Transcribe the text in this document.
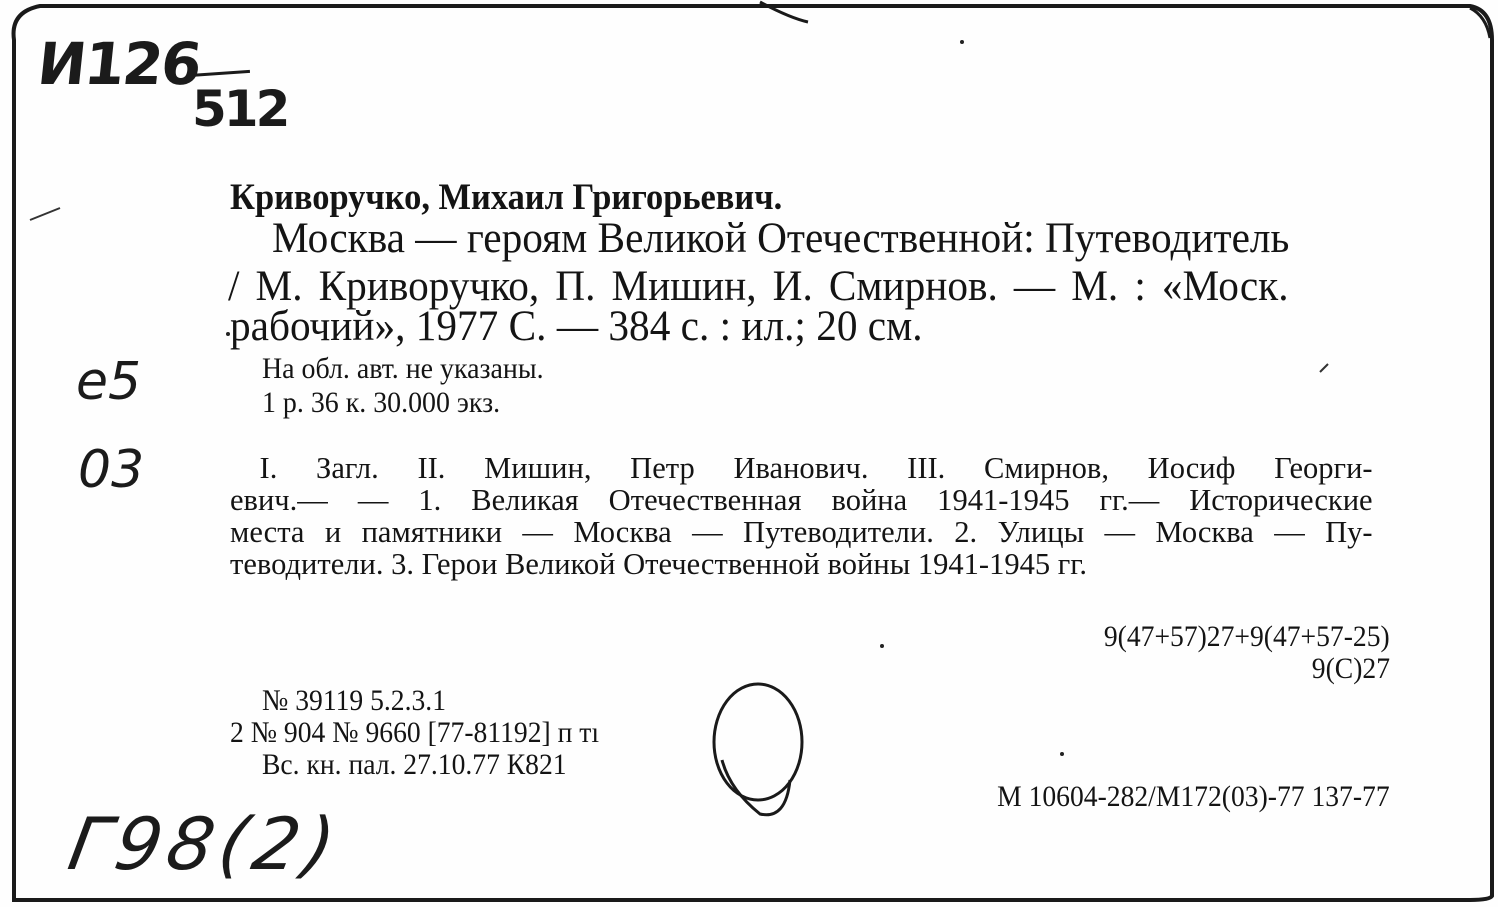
И126
512
е5
03
Г98(2)
Криворучко, Михаил Григорьевич.
Москва — героям Великой Отечественной: Путеводитель
/ М. Криворучко, П. Мишин, И. Смирнов. — М. : «Моск.
рабочий», 1977 С. — 384 с. : ил.; 20 см.
На обл. авт. не указаны.
1 р. 36 к. 30.000 экз.
I. Загл. II. Мишин, Петр Иванович. III. Смирнов, Иосиф Георги-
евич.— — 1. Великая Отечественная война 1941-1945 гг.— Исторические
места и памятники — Москва — Путеводители. 2. Улицы — Москва — Пу-
теводители. 3. Герои Великой Отечественной войны 1941-1945 гг.
9(47+57)27+9(47+57-25)
9(С)27
№ 39119 5.2.3.1
2 № 904 № 9660 [77-81192] п тı
Вс. кн. пал. 27.10.77 К821
М 10604-282/М172(03)-77 137-77
